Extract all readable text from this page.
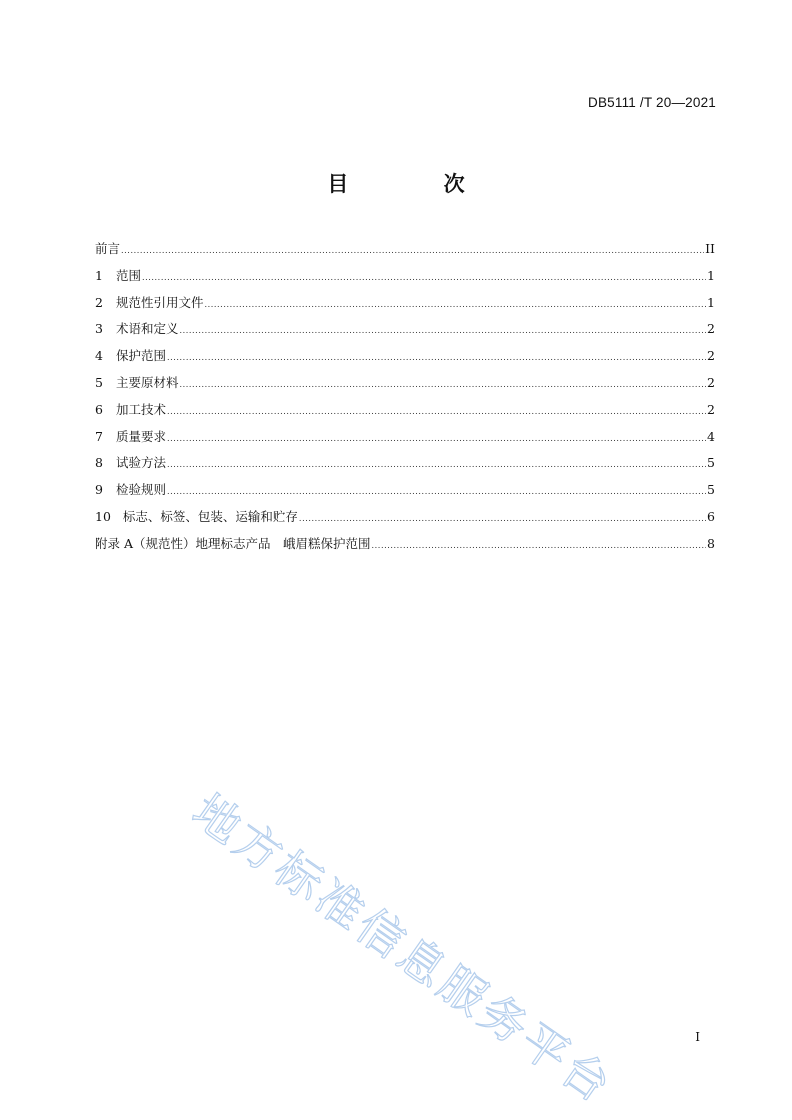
DB5111 /T 20—2021
目 次
前言 .....	II
1 范围 .....	1
2 规范性引用文件 .....	1
3 术语和定义 .....	2
4 保护范围 .....	2
5 主要原材料 .....	2
6 加工技术 .....	2
7 质量要求 .....	4
8 试验方法 .....	5
9 检验规则 .....	5
10 标志、标签、包装、运输和贮存 .....	6
附录 A（规范性）地理标志产品　峨眉糕保护范围 .....	8
地方标准信息服务平台	I
